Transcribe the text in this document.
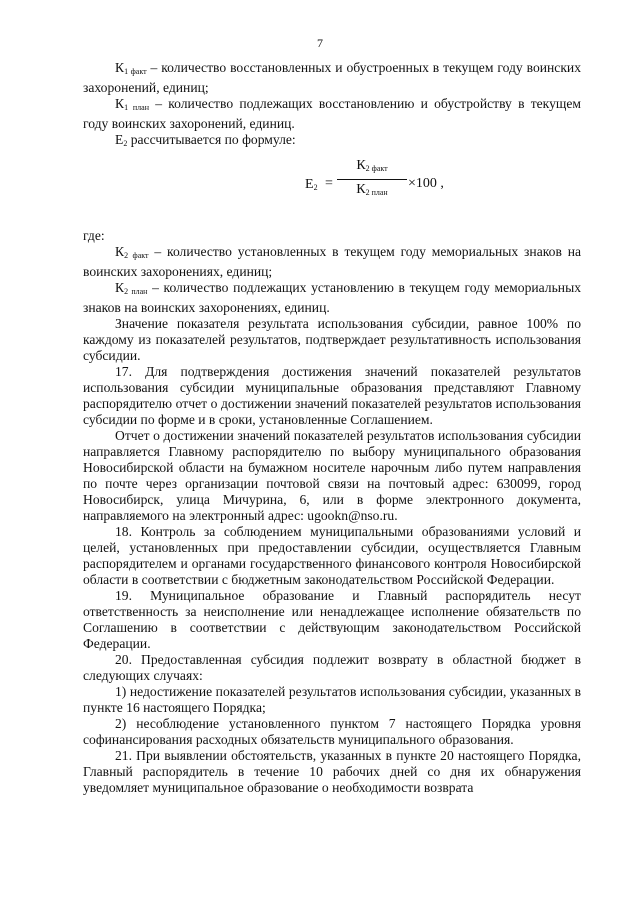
7

$К_{1 факт}$ – количество восстановленных и обустроенных в текущем году воинских захоронений, единиц;

$К_{1 план}$ – количество подлежащих восстановлению и обустройству в текущем году воинских захоронений, единиц.

$Е_2$ рассчитывается по формуле:

$Е_2$ =
$К_{2 факт}$
$К_{2 план}$
×100 ,

где:

$К_{2 факт}$ – количество установленных в текущем году мемориальных знаков на воинских захоронениях, единиц;

$К_{2 план}$ – количество подлежащих установлению в текущем году мемориальных знаков на воинских захоронениях, единиц.

Значение показателя результата использования субсидии, равное 100% по каждому из показателей результатов, подтверждает результативность использования субсидии.

17. Для подтверждения достижения значений показателей результатов использования субсидии муниципальные образования представляют Главному распорядителю отчет о достижении значений показателей результатов использования субсидии по форме и в сроки, установленные Соглашением.

Отчет о достижении значений показателей результатов использования субсидии направляется Главному распорядителю по выбору муниципального образования Новосибирской области на бумажном носителе нарочным либо путем направления по почте через организации почтовой связи на почтовый адрес: 630099, город Новосибирск, улица Мичурина, 6, или в форме электронного документа, направляемого на электронный адрес: ugookn@nso.ru.

18. Контроль за соблюдением муниципальными образованиями условий и целей, установленных при предоставлении субсидии, осуществляется Главным распорядителем и органами государственного финансового контроля Новосибирской области в соответствии с бюджетным законодательством Российской Федерации.

19. Муниципальное образование и Главный распорядитель несут ответственность за неисполнение или ненадлежащее исполнение обязательств по Соглашению в соответствии с действующим законодательством Российской Федерации.

20. Предоставленная субсидия подлежит возврату в областной бюджет в следующих случаях:

1) недостижение показателей результатов использования субсидии, указанных в пункте 16 настоящего Порядка;

2) несоблюдение установленного пунктом 7 настоящего Порядка уровня софинансирования расходных обязательств муниципального образования.

21. При выявлении обстоятельств, указанных в пункте 20 настоящего Порядка, Главный распорядитель в течение 10 рабочих дней со дня их обнаружения уведомляет муниципальное образование о необходимости возврата
